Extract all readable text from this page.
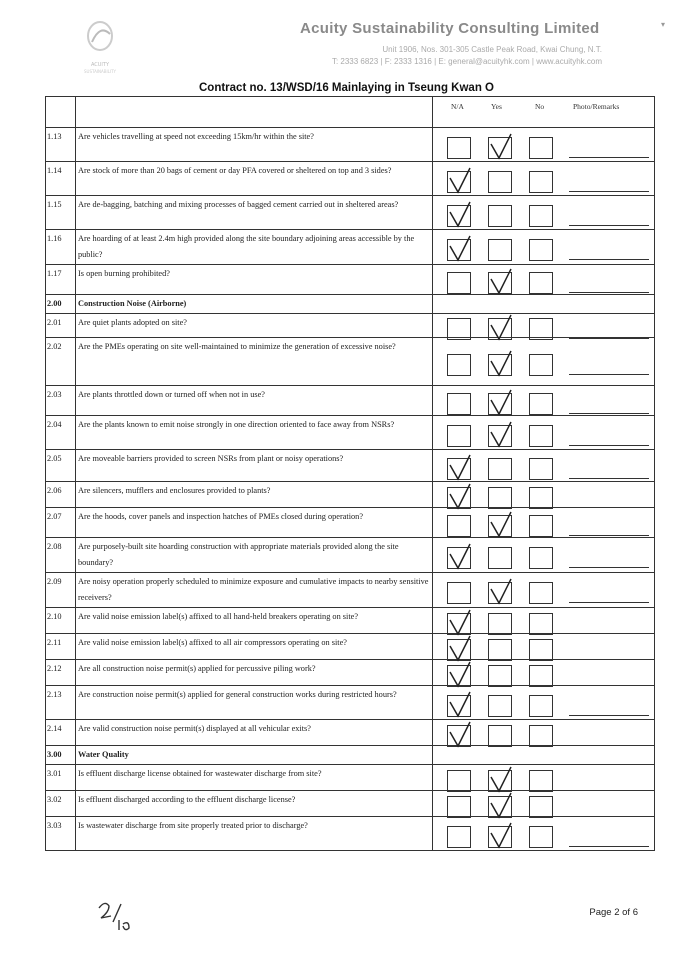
ACUITY
SUSTAINABILITY
Acuity Sustainability Consulting Limited
Unit 1906, Nos. 301-305 Castle Peak Road, Kwai Chung, N.T.
T: 2333 6823 | F: 2333 1316 | E: general@acuityhk.com | www.acuityhk.com
▾
Contract no. 13/WSD/16 Mainlaying in Tseung Kwan O

		N/A Yes No Photo/Remarks

1.13	Are vehicles travelling at speed not exceeding 15km/hr within the site?	

1.14	Are stock of more than 20 bags of cement or day PFA covered or sheltered on top and 3 sides?	

1.15	Are de-bagging, batching and mixing processes of bagged cement carried out in sheltered areas?	

1.16	Are hoarding of at least 2.4m high provided along the site boundary adjoining areas accessible by the public?	

1.17	Is open burning prohibited?	

2.00	Construction Noise (Airborne)	
2.01	Are quiet plants adopted on site?	

2.02	Are the PMEs operating on site well-maintained to minimize the generation of excessive noise?	

2.03	Are plants throttled down or turned off when not in use?	

2.04	Are the plants known to emit noise strongly in one direction oriented to face away from NSRs?	

2.05	Are moveable barriers provided to screen NSRs from plant or noisy operations?	

2.06	Are silencers, mufflers and enclosures provided to plants?	

2.07	Are the hoods, cover panels and inspection hatches of PMEs closed during operation?	

2.08	Are purposely-built site hoarding construction with appropriate materials provided along the site boundary?	

2.09	Are noisy operation properly scheduled to minimize exposure and cumulative impacts to nearby sensitive receivers?	

2.10	Are valid noise emission label(s) affixed to all hand-held breakers operating on site?	

2.11	Are valid noise emission label(s) affixed to all air compressors operating on site?	

2.12	Are all construction noise permit(s) applied for percussive piling work?	

2.13	Are construction noise permit(s) applied for general construction works during restricted hours?	

2.14	Are valid construction noise permit(s) displayed at all vehicular exits?	

3.00	Water Quality	
3.01	Is effluent discharge license obtained for wastewater discharge from site?	

3.02	Is effluent discharged according to the effluent discharge license?	

3.03	Is wastewater discharge from site properly treated prior to discharge?	
Page 2 of 6
